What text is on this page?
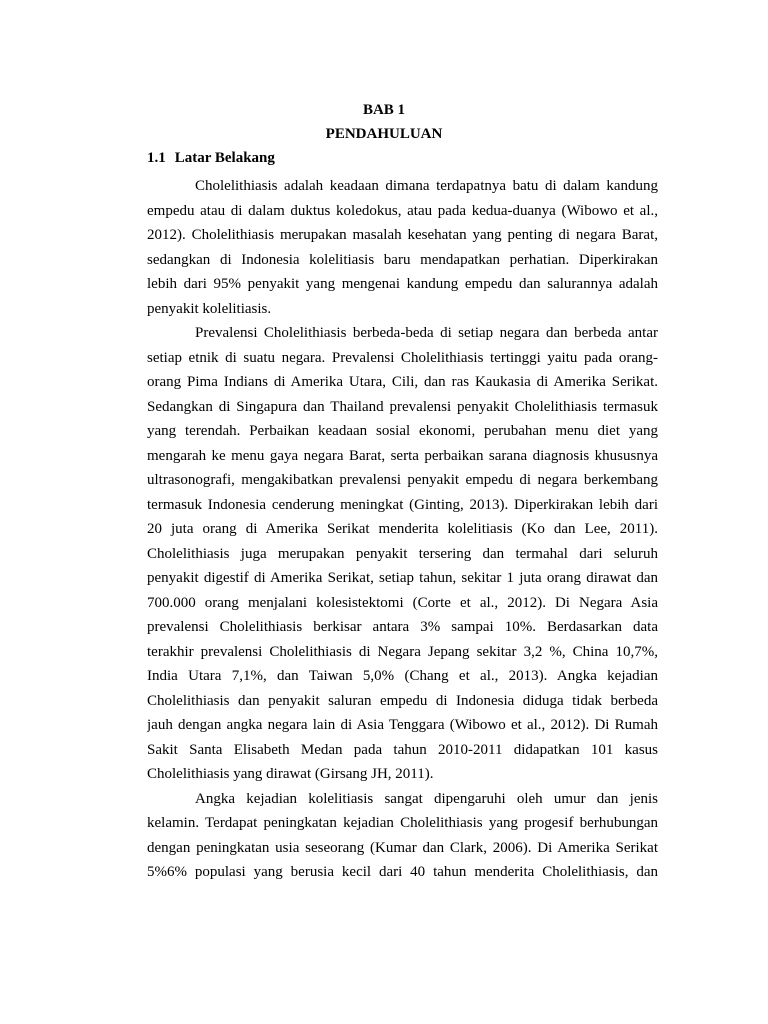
BAB 1
PENDAHULUAN
1.1 Latar Belakang
Cholelithiasis adalah keadaan dimana terdapatnya batu di dalam kandung
empedu atau di dalam duktus koledokus, atau pada kedua-duanya (Wibowo et al.,
2012). Cholelithiasis merupakan masalah kesehatan yang penting di negara Barat,
sedangkan di Indonesia kolelitiasis baru mendapatkan perhatian. Diperkirakan
lebih dari 95% penyakit yang mengenai kandung empedu dan salurannya adalah
penyakit kolelitiasis.
Prevalensi Cholelithiasis berbeda-beda di setiap negara dan berbeda antar
setiap etnik di suatu negara. Prevalensi Cholelithiasis tertinggi yaitu pada orang-
orang Pima Indians di Amerika Utara, Cili, dan ras Kaukasia di Amerika Serikat.
Sedangkan di Singapura dan Thailand prevalensi penyakit Cholelithiasis termasuk
yang terendah. Perbaikan keadaan sosial ekonomi, perubahan menu diet yang
mengarah ke menu gaya negara Barat, serta perbaikan sarana diagnosis khususnya
ultrasonografi, mengakibatkan prevalensi penyakit empedu di negara berkembang
termasuk Indonesia cenderung meningkat (Ginting, 2013). Diperkirakan lebih dari
20 juta orang di Amerika Serikat menderita kolelitiasis (Ko dan Lee, 2011).
Cholelithiasis juga merupakan penyakit tersering dan termahal dari seluruh
penyakit digestif di Amerika Serikat, setiap tahun, sekitar 1 juta orang dirawat dan
700.000 orang menjalani kolesistektomi (Corte et al., 2012). Di Negara Asia
prevalensi Cholelithiasis berkisar antara 3% sampai 10%. Berdasarkan data
terakhir prevalensi Cholelithiasis di Negara Jepang sekitar 3,2 %, China 10,7%,
India Utara 7,1%, dan Taiwan 5,0% (Chang et al., 2013). Angka kejadian
Cholelithiasis dan penyakit saluran empedu di Indonesia diduga tidak berbeda
jauh dengan angka negara lain di Asia Tenggara (Wibowo et al., 2012). Di Rumah
Sakit Santa Elisabeth Medan pada tahun 2010-2011 didapatkan 101 kasus
Cholelithiasis yang dirawat (Girsang JH, 2011).
Angka kejadian kolelitiasis sangat dipengaruhi oleh umur dan jenis
kelamin. Terdapat peningkatan kejadian Cholelithiasis yang progesif berhubungan
dengan peningkatan usia seseorang (Kumar dan Clark, 2006). Di Amerika Serikat
5%6% populasi yang berusia kecil dari 40 tahun menderita Cholelithiasis, dan
